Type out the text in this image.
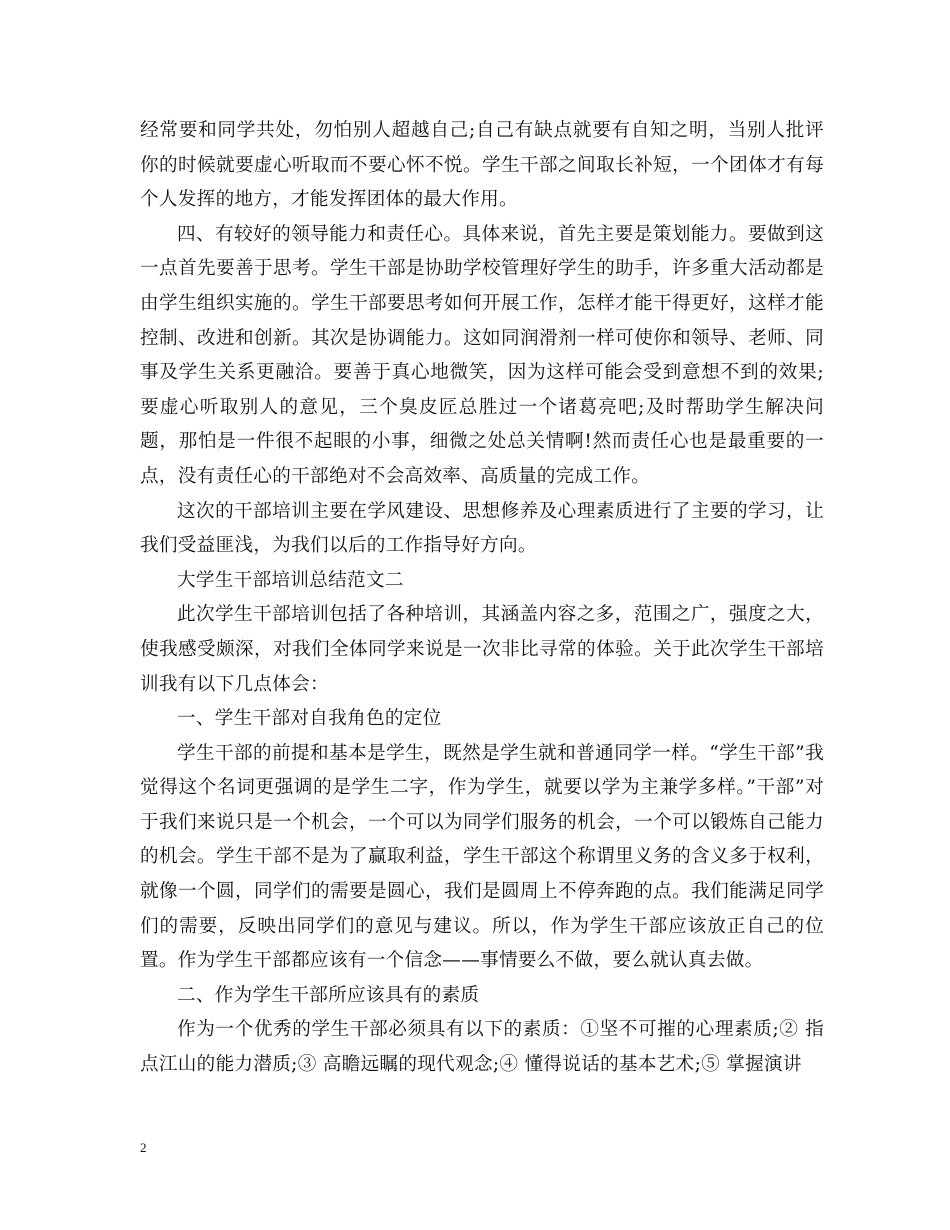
经常要和同学共处，勿怕别人超越自己;自己有缺点就要有自知之明，当别人批评你的时候就要虚心听取而不要心怀不悦。学生干部之间取长补短，一个团体才有每个人发挥的地方，才能发挥团体的最大作用。

四、有较好的领导能力和责任心。具体来说，首先主要是策划能力。要做到这一点首先要善于思考。学生干部是协助学校管理好学生的助手，许多重大活动都是由学生组织实施的。学生干部要思考如何开展工作，怎样才能干得更好，这样才能控制、改进和创新。其次是协调能力。这如同润滑剂一样可使你和领导、老师、同事及学生关系更融洽。要善于真心地微笑，因为这样可能会受到意想不到的效果;要虚心听取别人的意见，三个臭皮匠总胜过一个诸葛亮吧;及时帮助学生解决问题，那怕是一件很不起眼的小事，细微之处总关情啊!然而责任心也是最重要的一点，没有责任心的干部绝对不会高效率、高质量的完成工作。

这次的干部培训主要在学风建设、思想修养及心理素质进行了主要的学习，让我们受益匪浅，为我们以后的工作指导好方向。

大学生干部培训总结范文二

此次学生干部培训包括了各种培训，其涵盖内容之多，范围之广，强度之大，使我感受颇深，对我们全体同学来说是一次非比寻常的体验。关于此次学生干部培训我有以下几点体会：

一、学生干部对自我角色的定位

学生干部的前提和基本是学生，既然是学生就和普通同学一样。“学生干部”我觉得这个名词更强调的是学生二字，作为学生，就要以学为主兼学多样。”干部”对于我们来说只是一个机会，一个可以为同学们服务的机会，一个可以锻炼自己能力的机会。学生干部不是为了赢取利益，学生干部这个称谓里义务的含义多于权利，就像一个圆，同学们的需要是圆心，我们是圆周上不停奔跑的点。我们能满足同学们的需要，反映出同学们的意见与建议。所以，作为学生干部应该放正自己的位置。作为学生干部都应该有一个信念——事情要么不做，要么就认真去做。

二、作为学生干部所应该具有的素质

作为一个优秀的学生干部必须具有以下的素质：①坚不可摧的心理素质;② 指点江山的能力潜质;③ 高瞻远瞩的现代观念;④ 懂得说话的基本艺术;⑤ 掌握演讲

2
